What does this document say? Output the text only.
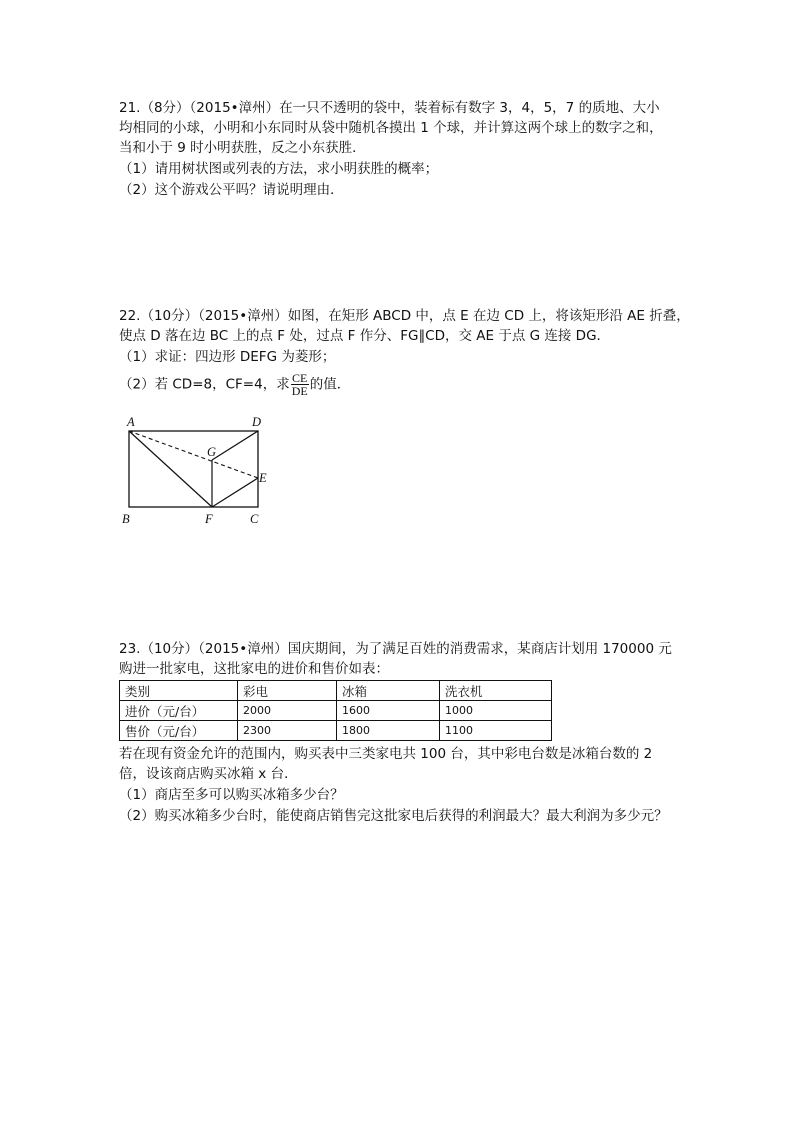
21.（8分）（2015•漳州）在一只不透明的袋中，装着标有数字 3，4，5，7 的质地、大小
均相同的小球，小明和小东同时从袋中随机各摸出 1 个球，并计算这两个球上的数字之和，
当和小于 9 时小明获胜，反之小东获胜．
（1）请用树状图或列表的方法，求小明获胜的概率；
（2）这个游戏公平吗？请说明理由．
22.（10分）（2015•漳州）如图，在矩形 ABCD 中，点 E 在边 CD 上，将该矩形沿 AE 折叠，
使点 D 落在边 BC 上的点 F 处，过点 F 作分、FG∥CD，交 AE 于点 G 连接 DG．
（1）求证：四边形 DEFG 为菱形；
（2）若 CD=8，CF=4，求 $\frac{CE}{DE}$ 的值．
A	D
G
E
B	F	C
23.（10分）（2015•漳州）国庆期间，为了满足百姓的消费需求，某商店计划用 170000 元
购进一批家电，这批家电的进价和售价如表：
类别	彩电	冰箱	洗衣机
进价（元/台）	2000	1600	1000
售价（元/台）	2300	1800	1100
若在现有资金允许的范围内，购买表中三类家电共 100 台，其中彩电台数是冰箱台数的 2
倍，设该商店购买冰箱 x 台．
（1）商店至多可以购买冰箱多少台？
（2）购买冰箱多少台时，能使商店销售完这批家电后获得的利润最大？最大利润为多少元？
